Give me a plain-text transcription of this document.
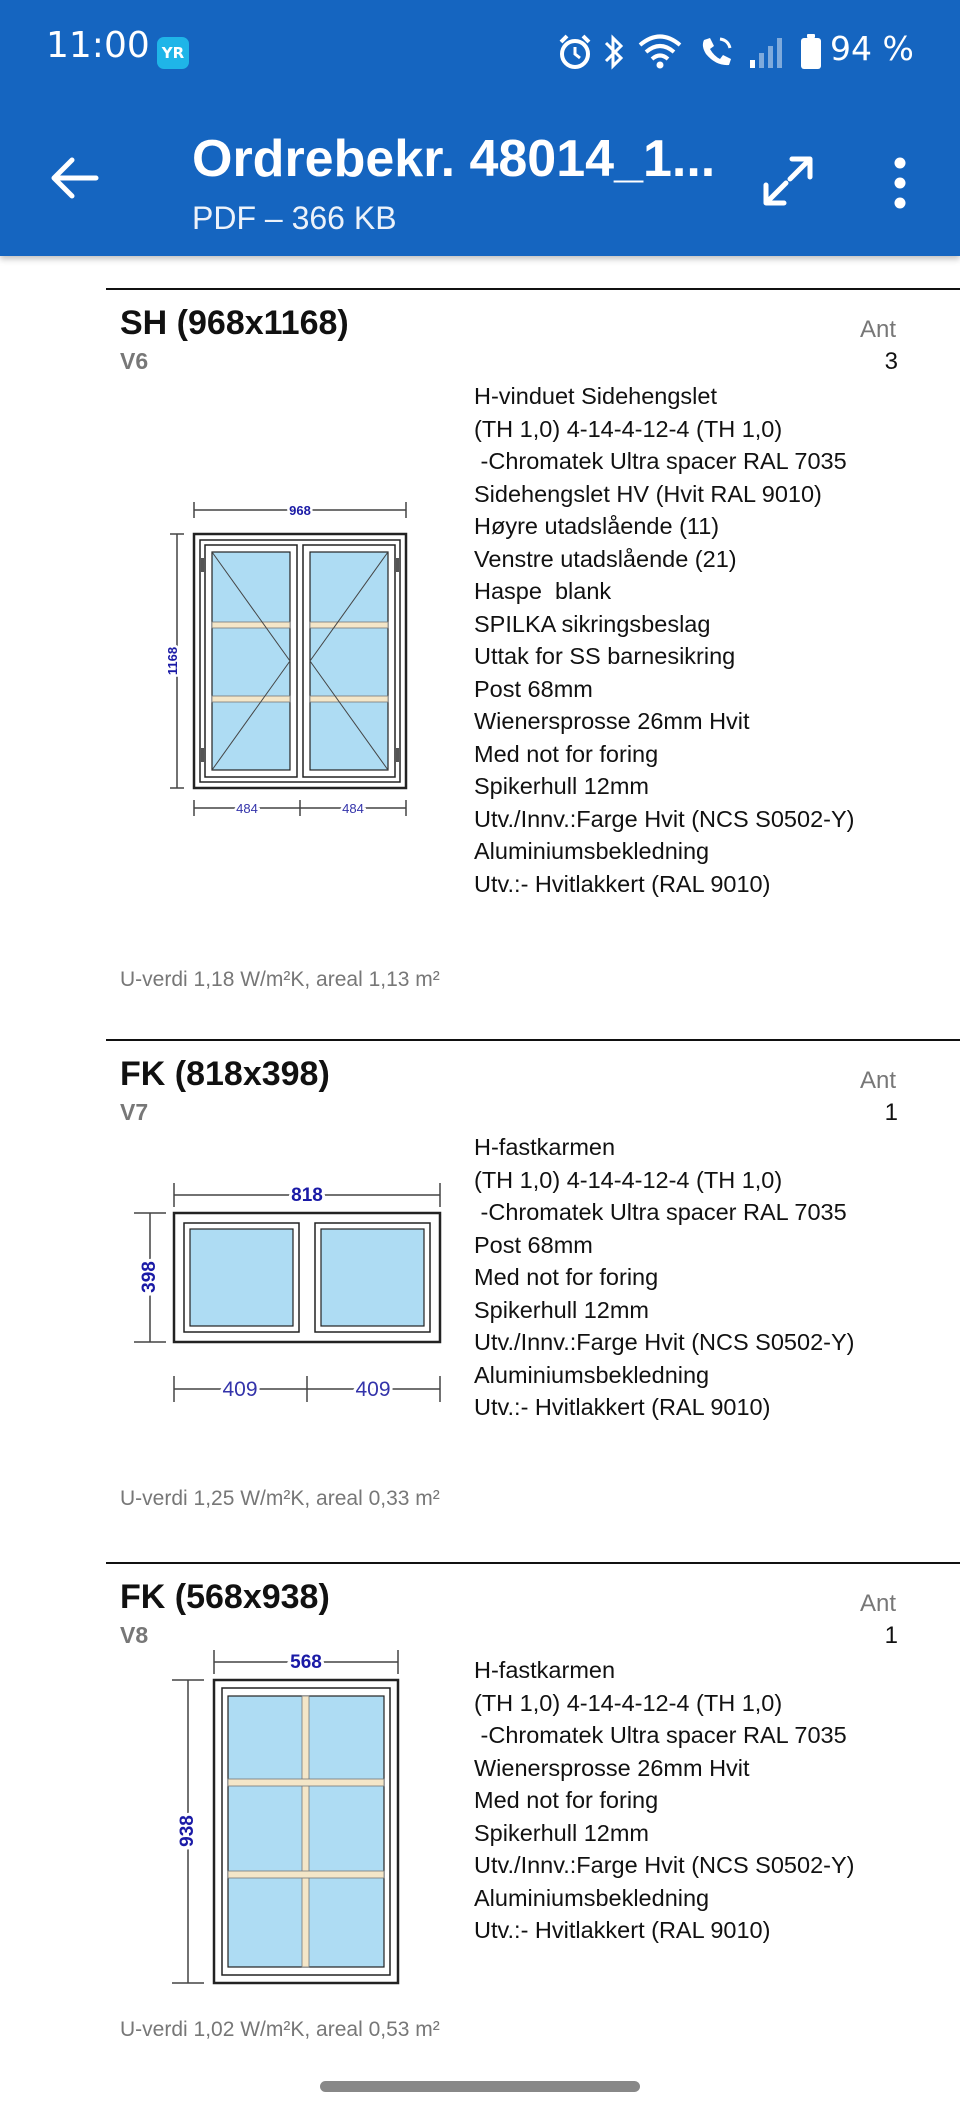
11:00 YR	94 %
Ordrebekr. 48014_1...
PDF – 366 KB
SH (968x1168)
V6
Ant
3
968
1168
484	484
H-vinduet Sidehengslet
(TH 1,0) 4-14-4-12-4 (TH 1,0)
-Chromatek Ultra spacer RAL 7035
Sidehengslet HV (Hvit RAL 9010)
Høyre utadslående (11)
Venstre utadslående (21)
Haspe  blank
SPILKA sikringsbeslag
Uttak for SS barnesikring
Post 68mm
Wienersprosse 26mm Hvit
Med not for foring
Spikerhull 12mm
Utv./Innv.:Farge Hvit (NCS S0502-Y)
Aluminiumsbekledning
Utv.:- Hvitlakkert (RAL 9010)
U-verdi 1,18 W/m²K, areal 1,13 m²
FK (818x398)
V7
Ant
1
818
398
409	409
H-fastkarmen
(TH 1,0) 4-14-4-12-4 (TH 1,0)
-Chromatek Ultra spacer RAL 7035
Post 68mm
Med not for foring
Spikerhull 12mm
Utv./Innv.:Farge Hvit (NCS S0502-Y)
Aluminiumsbekledning
Utv.:- Hvitlakkert (RAL 9010)
U-verdi 1,25 W/m²K, areal 0,33 m²
FK (568x938)
V8
Ant
1
568
938
H-fastkarmen
(TH 1,0) 4-14-4-12-4 (TH 1,0)
-Chromatek Ultra spacer RAL 7035
Wienersprosse 26mm Hvit
Med not for foring
Spikerhull 12mm
Utv./Innv.:Farge Hvit (NCS S0502-Y)
Aluminiumsbekledning
Utv.:- Hvitlakkert (RAL 9010)
U-verdi 1,02 W/m²K, areal 0,53 m²
